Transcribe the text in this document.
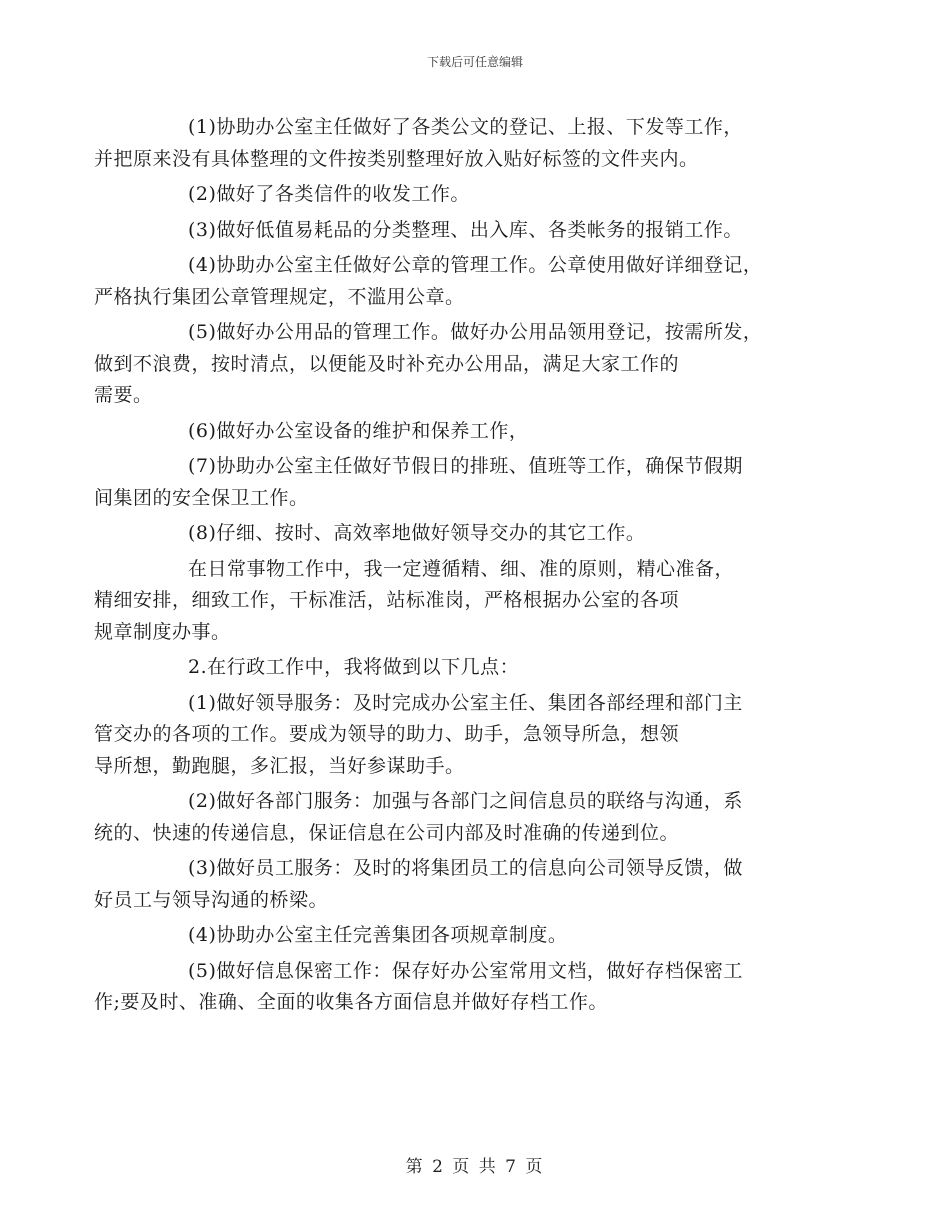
下载后可任意编辑
(1)协助办公室主任做好了各类公文的登记、上报、下发等工作，
并把原来没有具体整理的文件按类别整理好放入贴好标签的文件夹内。
(2)做好了各类信件的收发工作。
(3)做好低值易耗品的分类整理、出入库、各类帐务的报销工作。
(4)协助办公室主任做好公章的管理工作。公章使用做好详细登记，
严格执行集团公章管理规定，不滥用公章。
(5)做好办公用品的管理工作。做好办公用品领用登记，按需所发，
做到不浪费，按时清点，以便能及时补充办公用品，满足大家工作的
需要。
(6)做好办公室设备的维护和保养工作，
(7)协助办公室主任做好节假日的排班、值班等工作，确保节假期
间集团的安全保卫工作。
(8)仔细、按时、高效率地做好领导交办的其它工作。
在日常事物工作中，我一定遵循精、细、准的原则，精心准备，
精细安排，细致工作，干标准活，站标准岗，严格根据办公室的各项
规章制度办事。
2.在行政工作中，我将做到以下几点：
(1)做好领导服务：及时完成办公室主任、集团各部经理和部门主
管交办的各项的工作。要成为领导的助力、助手，急领导所急，想领
导所想，勤跑腿，多汇报，当好参谋助手。
(2)做好各部门服务：加强与各部门之间信息员的联络与沟通，系
统的、快速的传递信息，保证信息在公司内部及时准确的传递到位。
(3)做好员工服务：及时的将集团员工的信息向公司领导反馈，做
好员工与领导沟通的桥梁。
(4)协助办公室主任完善集团各项规章制度。
(5)做好信息保密工作：保存好办公室常用文档，做好存档保密工
作;要及时、准确、全面的收集各方面信息并做好存档工作。
第 2 页 共 7 页
